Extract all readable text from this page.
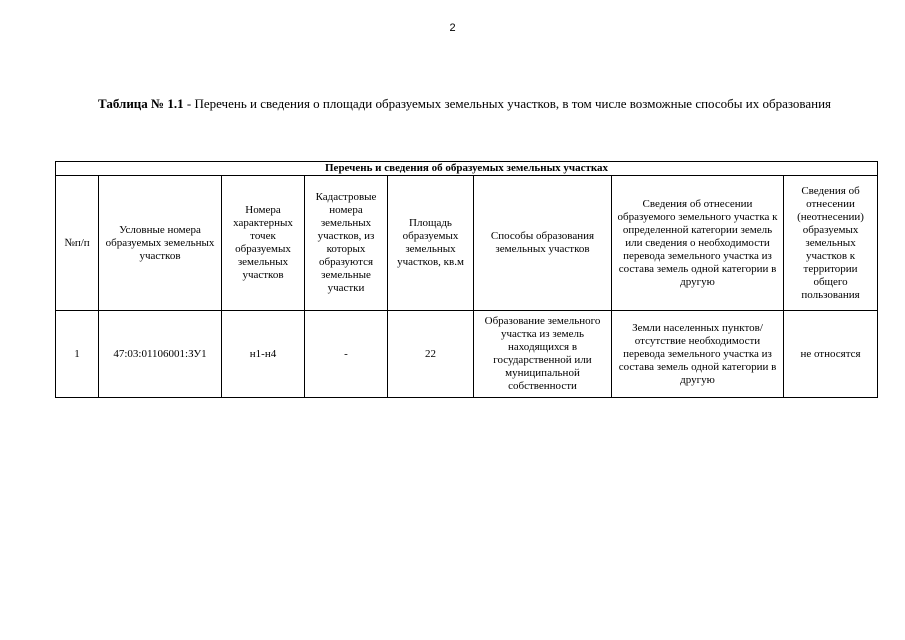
2
Таблица № 1.1 - Перечень и сведения о площади образуемых земельных участков, в том числе возможные способы их образования
Перечень и сведения об образуемых земельных участках							
№п/п	Условные номера образуемых земельных участков	Номера характерных точек образуемых земельных участков	Кадастровые номера земельных участков, из которых образуются земельные участки	Площадь образуемых земельных участков, кв.м	Способы образования земельных участков	Сведения об отнесении образуемого земельного участка к определенной категории земель или сведения о необходимости перевода земельного участка из состава земель одной категории в другую	Сведения об отнесении (неотнесении) образуемых земельных участков к территории общего пользования
1	47:03:01106001:ЗУ1	н1-н4	-	22	Образование земельного участка из земель находящихся в государственной или муниципальной собственности	Земли населенных пунктов/ отсутствие необходимости перевода земельного участка из состава земель одной категории в другую	не относятся
